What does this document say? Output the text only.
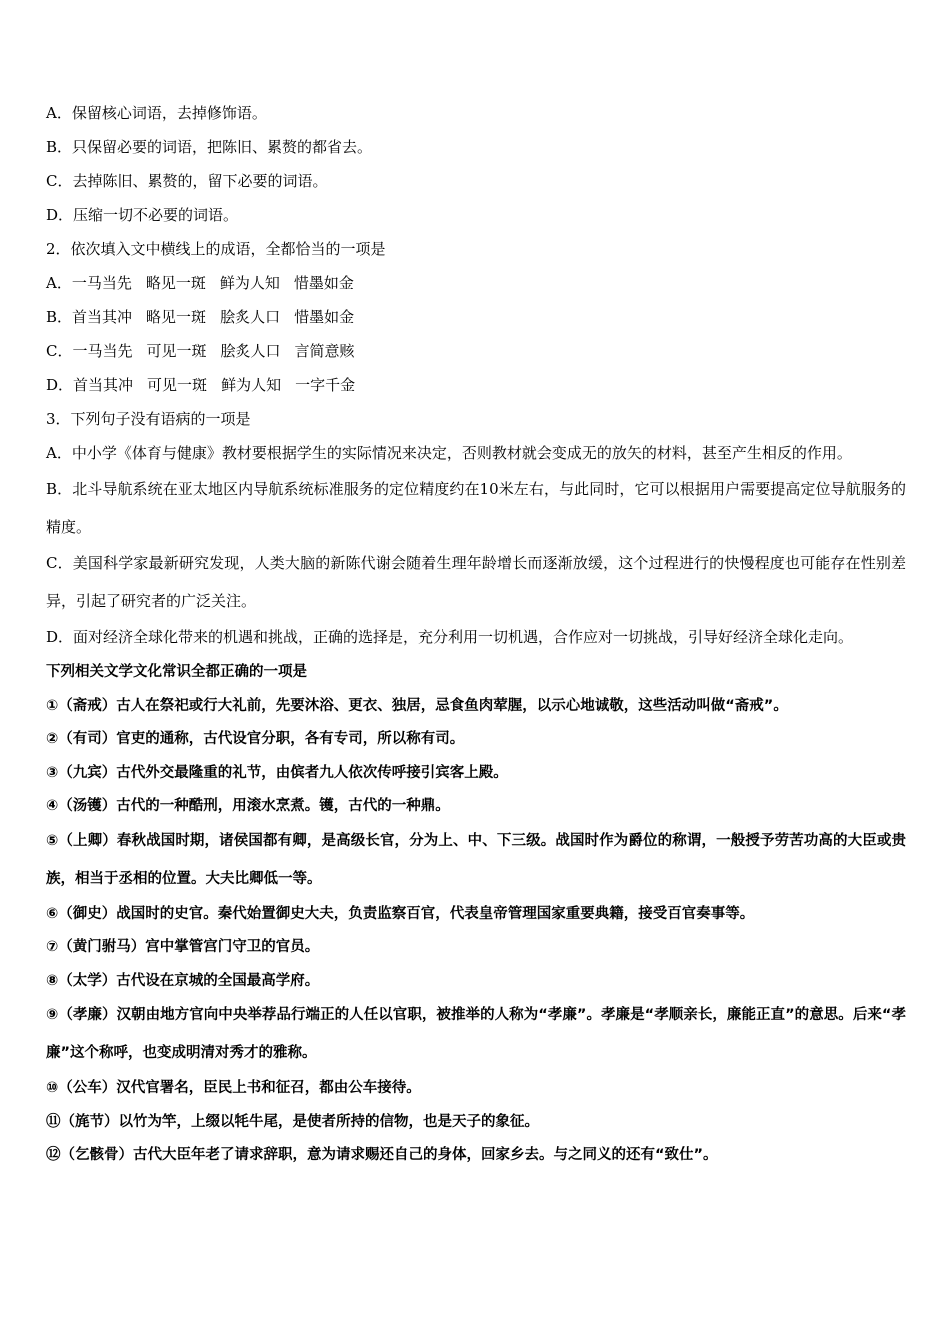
A．保留核心词语，去掉修饰语。
B．只保留必要的词语，把陈旧、累赘的都省去。
C．去掉陈旧、累赘的，留下必要的词语。
D．压缩一切不必要的词语。
2．依次填入文中横线上的成语，全都恰当的一项是
A．一马当先 略见一斑 鲜为人知 惜墨如金
B．首当其冲 略见一斑 脍炙人口 惜墨如金
C．一马当先 可见一斑 脍炙人口 言简意赅
D．首当其冲 可见一斑 鲜为人知 一字千金
3．下列句子没有语病的一项是
A．中小学《体育与健康》教材要根据学生的实际情况来决定，否则教材就会变成无的放矢的材料，甚至产生相反的作用。
B．北斗导航系统在亚太地区内导航系统标准服务的定位精度约在10米左右，与此同时，它可以根据用户需要提高定位导航服务的精度。
C．美国科学家最新研究发现，人类大脑的新陈代谢会随着生理年龄增长而逐渐放缓，这个过程进行的快慢程度也可能存在性别差异，引起了研究者的广泛关注。
D．面对经济全球化带来的机遇和挑战，正确的选择是，充分利用一切机遇，合作应对一切挑战，引导好经济全球化走向。
下列相关文学文化常识全都正确的一项是
①（斋戒）古人在祭祀或行大礼前，先要沐浴、更衣、独居，忌食鱼肉荤腥，以示心地诚敬，这些活动叫做“斋戒”。
②（有司）官吏的通称，古代设官分职，各有专司，所以称有司。
③（九宾）古代外交最隆重的礼节，由傧者九人依次传呼接引宾客上殿。
④（汤镬）古代的一种酷刑，用滚水烹煮。镬，古代的一种鼎。
⑤（上卿）春秋战国时期，诸侯国都有卿，是高级长官，分为上、中、下三级。战国时作为爵位的称谓，一般授予劳苦功高的大臣或贵族，相当于丞相的位置。大夫比卿低一等。
⑥（御史）战国时的史官。秦代始置御史大夫，负责监察百官，代表皇帝管理国家重要典籍，接受百官奏事等。
⑦（黄门驸马）宫中掌管宫门守卫的官员。
⑧（太学）古代设在京城的全国最高学府。
⑨（孝廉）汉朝由地方官向中央举荐品行端正的人任以官职，被推举的人称为“孝廉”。孝廉是“孝顺亲长，廉能正直”的意思。后来“孝廉”这个称呼，也变成明清对秀才的雅称。
⑩（公车）汉代官署名，臣民上书和征召，都由公车接待。
⑪（旄节）以竹为竿，上缀以牦牛尾，是使者所持的信物，也是天子的象征。
⑫（乞骸骨）古代大臣年老了请求辞职，意为请求赐还自己的身体，回家乡去。与之同义的还有“致仕”。
